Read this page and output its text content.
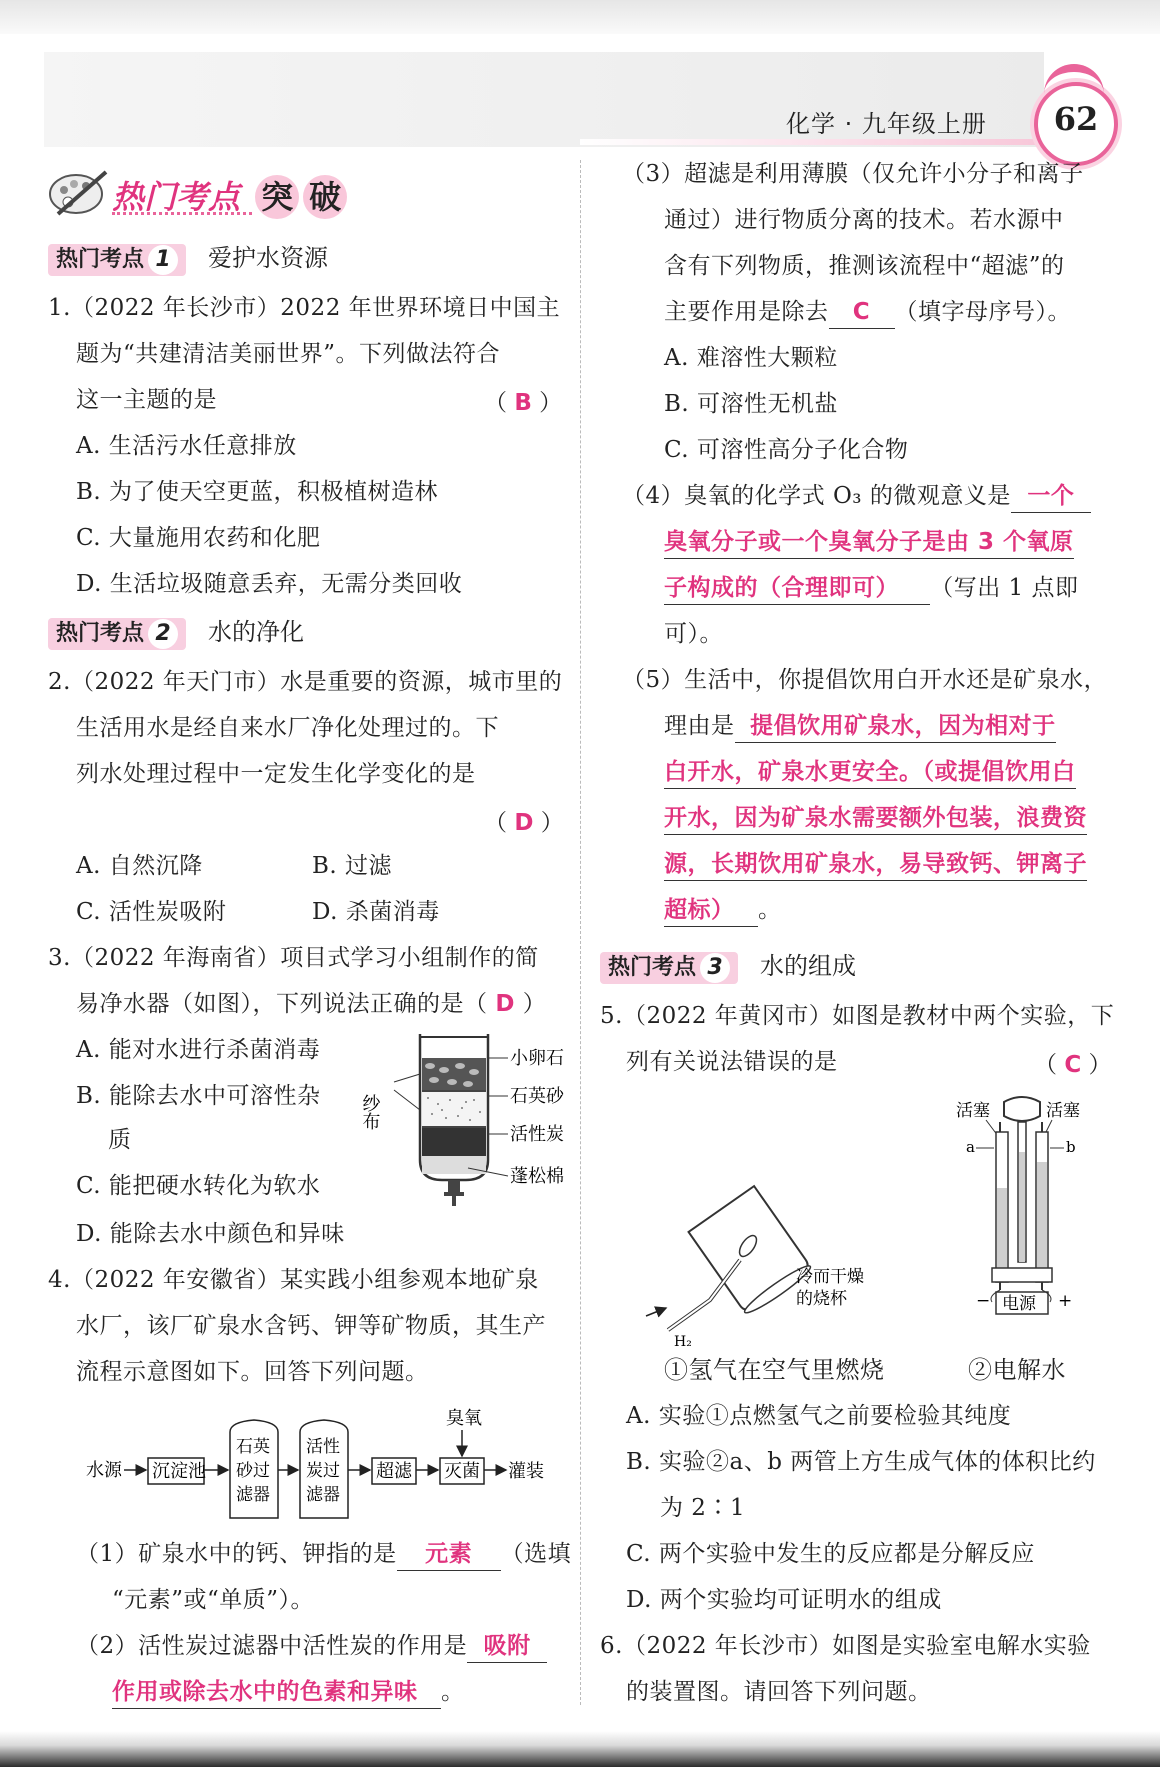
化学 · 九年级上册	62
热门考点 突 破
热门考点 1 爱护水资源
1.（2022 年长沙市）2022 年世界环境日中国主
题为“共建清洁美丽世界”。下列做法符合
这一主题的是	（ B ）
A. 生活污水任意排放
B. 为了使天空更蓝，积极植树造林
C. 大量施用农药和化肥
D. 生活垃圾随意丢弃，无需分类回收
热门考点 2 水的净化
2.（2022 年天门市）水是重要的资源，城市里的
生活用水是经自来水厂净化处理过的。下
列水处理过程中一定发生化学变化的是
（ D ）
A. 自然沉降	B. 过滤
C. 活性炭吸附	D. 杀菌消毒
3.（2022 年海南省）项目式学习小组制作的简
易净水器（如图），下列说法正确的是（ D ）
A. 能对水进行杀菌消毒
B. 能除去水中可溶性杂
质
C. 能把硬水转化为软水
D. 能除去水中颜色和异味
小卵石
石英砂
活性炭
蓬松棉
纱布
4.（2022 年安徽省）某实践小组参观本地矿泉
水厂，该厂矿泉水含钙、钾等矿物质，其生产
流程示意图如下。回答下列问题。
水源 沉淀池
石英
砂过
滤器
活性
炭过
滤器
超滤 灭菌
臭氧
灌装
（1）矿泉水中的钙、钾指的是 元素 （选填
“元素”或“单质”）。
（2）活性炭过滤器中活性炭的作用是 吸附
作用或除去水中的色素和异味 。
（3）超滤是利用薄膜（仅允许小分子和离子
通过）进行物质分离的技术。若水源中
含有下列物质，推测该流程中“超滤”的
主要作用是除去 C （填字母序号）。
A. 难溶性大颗粒
B. 可溶性无机盐
C. 可溶性高分子化合物
（4）臭氧的化学式 O₃ 的微观意义是 一个
臭氧分子或一个臭氧分子是由 3 个氧原
子构成的（合理即可） （写出 1 点即
可）。
（5）生活中，你提倡饮用白开水还是矿泉水，
理由是 提倡饮用矿泉水，因为相对于
白开水，矿泉水更安全。（或提倡饮用白
开水，因为矿泉水需要额外包装，浪费资
源，长期饮用矿泉水，易导致钙、钾离子
超标） 。
热门考点 3 水的组成
5.（2022 年黄冈市）如图是教材中两个实验，下
列有关说法错误的是	（ C ）
H₂
冷而干燥
的烧杯
①氢气在空气里燃烧
活塞	活塞
a	b
电源
−	+
②电解水
A. 实验①点燃氢气之前要检验其纯度
B. 实验②a、b 两管上方生成气体的体积比约
为 2∶1
C. 两个实验中发生的反应都是分解反应
D. 两个实验均可证明水的组成
6.（2022 年长沙市）如图是实验室电解水实验
的装置图。请回答下列问题。
